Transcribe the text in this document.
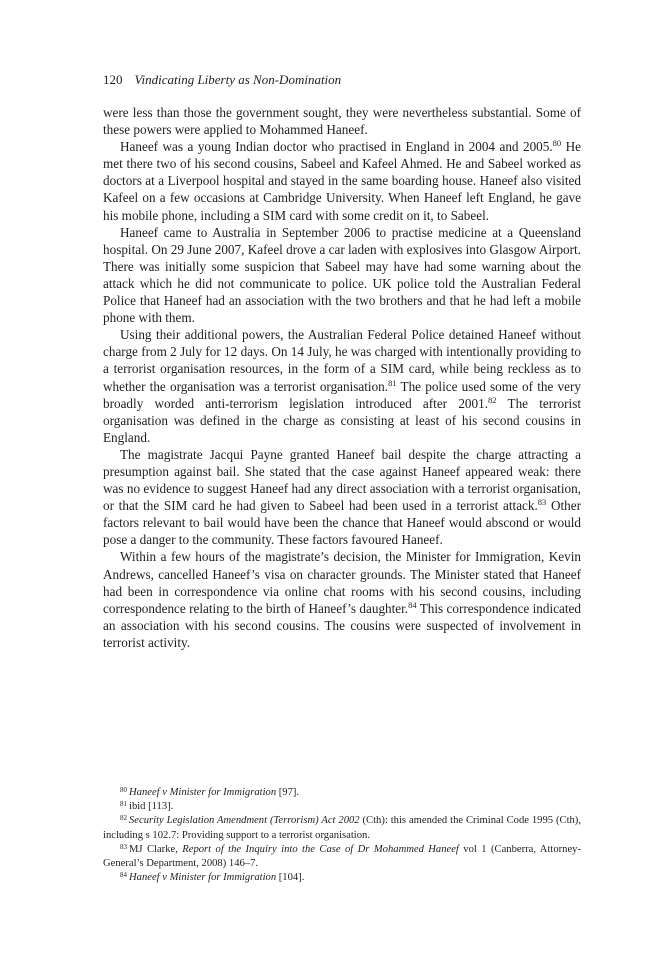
120 Vindicating Liberty as Non-Domination

were less than those the government sought, they were nevertheless substantial. Some of these powers were applied to Mohammed Haneef.

Haneef was a young Indian doctor who practised in England in 2004 and 2005.80 He met there two of his second cousins, Sabeel and Kafeel Ahmed. He and Sabeel worked as doctors at a Liverpool hospital and stayed in the same boarding house. Haneef also visited Kafeel on a few occasions at Cambridge University. When Haneef left England, he gave his mobile phone, including a SIM card with some credit on it, to Sabeel.

Haneef came to Australia in September 2006 to practise medicine at a Queensland hospital. On 29 June 2007, Kafeel drove a car laden with explosives into Glasgow Airport. There was initially some suspicion that Sabeel may have had some warning about the attack which he did not communicate to police. UK police told the Australian Federal Police that Haneef had an association with the two brothers and that he had left a mobile phone with them.

Using their additional powers, the Australian Federal Police detained Haneef without charge from 2 July for 12 days. On 14 July, he was charged with intentionally providing to a terrorist organisation resources, in the form of a SIM card, while being reckless as to whether the organisation was a terrorist organisation.$^{81}$ The police used some of the very broadly worded anti-terrorism legislation introduced after 2001.82 The terrorist organisation was defined in the charge as consisting at least of his second cousins in England.

The magistrate Jacqui Payne granted Haneef bail despite the charge attracting a presumption against bail. She stated that the case against Haneef appeared weak: there was no evidence to suggest Haneef had any direct association with a terrorist organisation, or that the SIM card he had given to Sabeel had been used in a terrorist attack.$^{83}$ Other factors relevant to bail would have been the chance that Haneef would abscond or would pose a danger to the community. These factors favoured Haneef.

Within a few hours of the magistrate’s decision, the Minister for Immigration, Kevin Andrews, cancelled Haneef’s visa on character grounds. The Minister stated that Haneef had been in correspondence via online chat rooms with his second cousins, including correspondence relating to the birth of Haneef’s daughter.$^{84}$ This correspondence indicated an association with his second cousins. The cousins were suspected of involvement in terrorist activity.

$^{80}$ Haneef v Minister for Immigration [97].

$^{81}$ ibid [113].

$^{82}$ Security Legislation Amendment (Terrorism) Act 2002 (Cth): this amended the Criminal Code 1995 (Cth), including s 102.7: Providing support to a terrorist organisation.

$^{83}$ MJ Clarke, Report of the Inquiry into the Case of Dr Mohammed Haneef vol 1 (Canberra, Attorney-General’s Department, 2008) 146–7.

$^{84}$ Haneef v Minister for Immigration [104].
